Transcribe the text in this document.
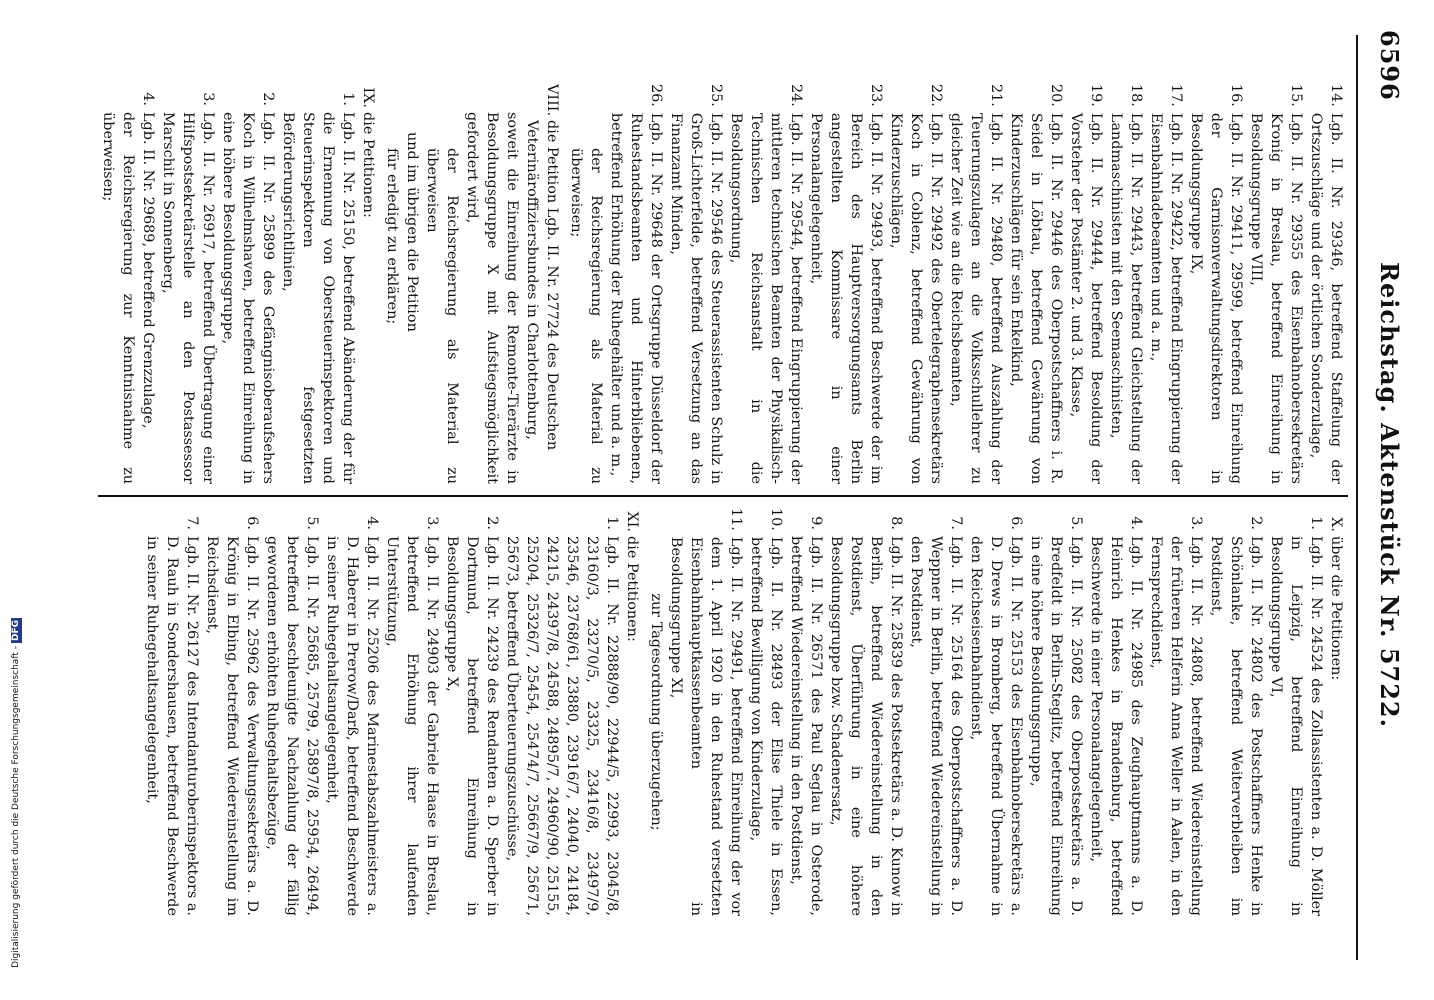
6596
Reichstag. Aktenstück Nr. 5722.
14.
Lgb. II. Nr. 29346, betreffend Staffelung der Ortszuschläge und der örtlichen Sonderzulage,
15.
Lgb. II. Nr. 29355 des Eisenbahnobersekretärs Kronig in Breslau, betreffend Einreihung in Besoldungsgruppe VIII,
16.
Lgb. II. Nr. 29411, 29599, betreffend Einreihung der Garnisonverwaltungsdirektoren in Besoldungsgruppe IX,
17.
Lgb. II. Nr. 29422, betreffend Eingruppierung der Eisenbahnladebeamten und a. m.,
18.
Lgb. II. Nr. 29443, betreffend Gleichstellung der Landmaschinisten mit den Seemaschinisten,
19.
Lgb. II. Nr. 29444, betreffend Besoldung der Vorsteher der Postämter 2. und 3. Klasse,
20.
Lgb. II. Nr. 29446 des Oberpostschaffners i. R. Seidel in Löbtau, betreffend Gewährung von Kinderzuschlägen für sein Enkelkind,
21.
Lgb. II. Nr. 29480, betreffend Auszahlung der Teuerungszulagen an die Volksschullehrer zu gleicher Zeit wie an die Reichsbeamten,
22.
Lgb. II. Nr. 29492 des Obertelegraphensekretärs Koch in Coblenz, betreffend Gewährung von Kinderzuschlägen,
23.
Lgb. II. Nr. 29493, betreffend Beschwerde der im Bereich des Hauptversorgungsamts Berlin angestellten Kommissare in einer Personalangelegenheit,
24.
Lgb. II. Nr. 29544, betreffend Eingruppierung der mittleren technischen Beamten der Physikalisch-Technischen Reichsanstalt in die Besoldungsordnung,
25.
Lgb. II. Nr. 29546 des Steuerassistenten Schulz in Groß-Lichterfelde, betreffend Versetzung an das Finanzamt Minden,
26.
Lgb. II. Nr. 29648 der Ortsgruppe Düsseldorf der Ruhestandsbeamten und Hinterbliebenen, betreffend Erhöhung der Ruhegehälter und a. m.,
der Reichsregierung als Material zu überweisen;
VIII.
die Petition Lgb. II. Nr. 27724 des Deutschen Veterinäroffiziersbundes in Charlottenburg,
soweit die Einreihung der Remonte-Tierärzte in Besoldungsgruppe X mit Aufstiegsmöglichkeit gefordert wird,
der Reichsregierung als Material zu überweisen
und im übrigen die Petition
für erledigt zu erklären;
IX.
die Petitionen:
1.
Lgb. II. Nr. 25150, betreffend Abänderung der für die Ernennung von Obersteuerinspektoren und Steuerinspektoren festgesetzten Beförderungsrichtlinien,
2.
Lgb. II. Nr. 25899 des Gefängnisoberaufsehers Koch in Wilhelmshaven, betreffend Einreihung in eine höhere Besoldungsgruppe,
3.
Lgb. II. Nr. 26917, betreffend Übertragung einer Hilfspostsekretärstelle an den Postassessor Marschit in Sonnenberg,
4.
Lgb. II. Nr. 29689, betreffend Grenzzulage,
der Reichsregierung zur Kenntnisnahme zu überweisen;
X.
über die Petitionen:
1.
Lgb. II. Nr. 24524 des Zollassistenten a. D. Möller in Leipzig, betreffend Einreihung in Besoldungsgruppe VI,
2.
Lgb. II. Nr. 24802 des Postschaffners Henke in Schönlanke, betreffend Weiterverbleiben im Postdienst,
3.
Lgb. II. Nr. 24808, betreffend Wiedereinstellung der früheren Helferin Anna Weller in Aalen, in den Fernsprechdienst,
4.
Lgb. II. Nr. 24985 des Zeughauptmanns a. D. Heinrich Henkes in Brandenburg, betreffend Beschwerde in einer Personalangelegenheit,
5.
Lgb. II. Nr. 25082 des Oberpostsekretärs a. D. Bredfeldt in Berlin-Steglitz, betreffend Einreihung in eine höhere Besoldungsgruppe,
6.
Lgb. II. Nr. 25153 des Eisenbahnobersekretärs a. D. Drews in Bromberg, betreffend Übernahme in den Reichseisenbahndienst,
7.
Lgb. II. Nr. 25164 des Oberpostschaffners a. D. Weppner in Berlin, betreffend Wiedereinstellung in den Postdienst,
8.
Lgb. II. Nr. 25839 des Postsekretärs a. D. Kunow in Berlin, betreffend Wiedereinstellung in den Postdienst, Überführung in eine höhere Besoldungsgruppe bzw. Schadenersatz,
9.
Lgb. II. Nr. 26571 des Paul Seglau in Osterode, betreffend Wiedereinstellung in den Postdienst,
10.
Lgb. II. Nr. 28493 der Elise Thiele in Essen, betreffend Bewilligung von Kinderzulage,
11.
Lgb. II. Nr. 29491, betreffend Einreihung der vor dem 1. April 1920 in den Ruhestand versetzten Eisenbahnhauptkassenbeamten in Besoldungsgruppe XI,
zur Tagesordnung überzugehen;
XI.
die Petitionen:
1.
Lgb. II. Nr. 22888/90, 22944/5, 22993, 23045/8, 23160/3, 23270/5, 23325, 23416/8, 23497/9, 23546, 23768/61, 23880, 23916/7, 24040, 24184, 24215, 24397/8, 24588, 24895/7, 24960/90, 25155, 25204, 25326/7, 25454, 25474/7, 25667/9, 25671, 25673, betreffend Überteuerungszuschüsse,
2.
Lgb. II. Nr. 24239 des Rendanten a. D. Sperber in Dortmund, betreffend Einreihung in Besoldungsgruppe X,
3.
Lgb. II. Nr. 24903 der Gabriele Haase in Breslau, betreffend Erhöhung ihrer laufenden Unterstützung,
4.
Lgb. II. Nr. 25206 des Marinestabszahlmeisters a. D. Haberer in Prerow/Darß, betreffend Beschwerde in seiner Ruhegehaltsangelegenheit,
5.
Lgb. II. Nr. 25685, 25799, 25897/8, 25954, 26494, betreffend beschleunigte Nachzahlung der fällig gewordenen erhöhten Ruhegehaltsbezüge,
6.
Lgb. II. Nr. 25962 des Verwaltungssekretärs a. D. Krönig in Elbing, betreffend Wiedereinstellung im Reichsdienst,
7.
Lgb. II. Nr. 26127 des Intendanturoberinspektors a. D. Rauh in Sondershausen, betreffend Beschwerde in seiner Ruhegehaltsangelegenheit,
Digitalisierung gefördert durch die Deutsche Forschungsgemeinschaft -DFG
